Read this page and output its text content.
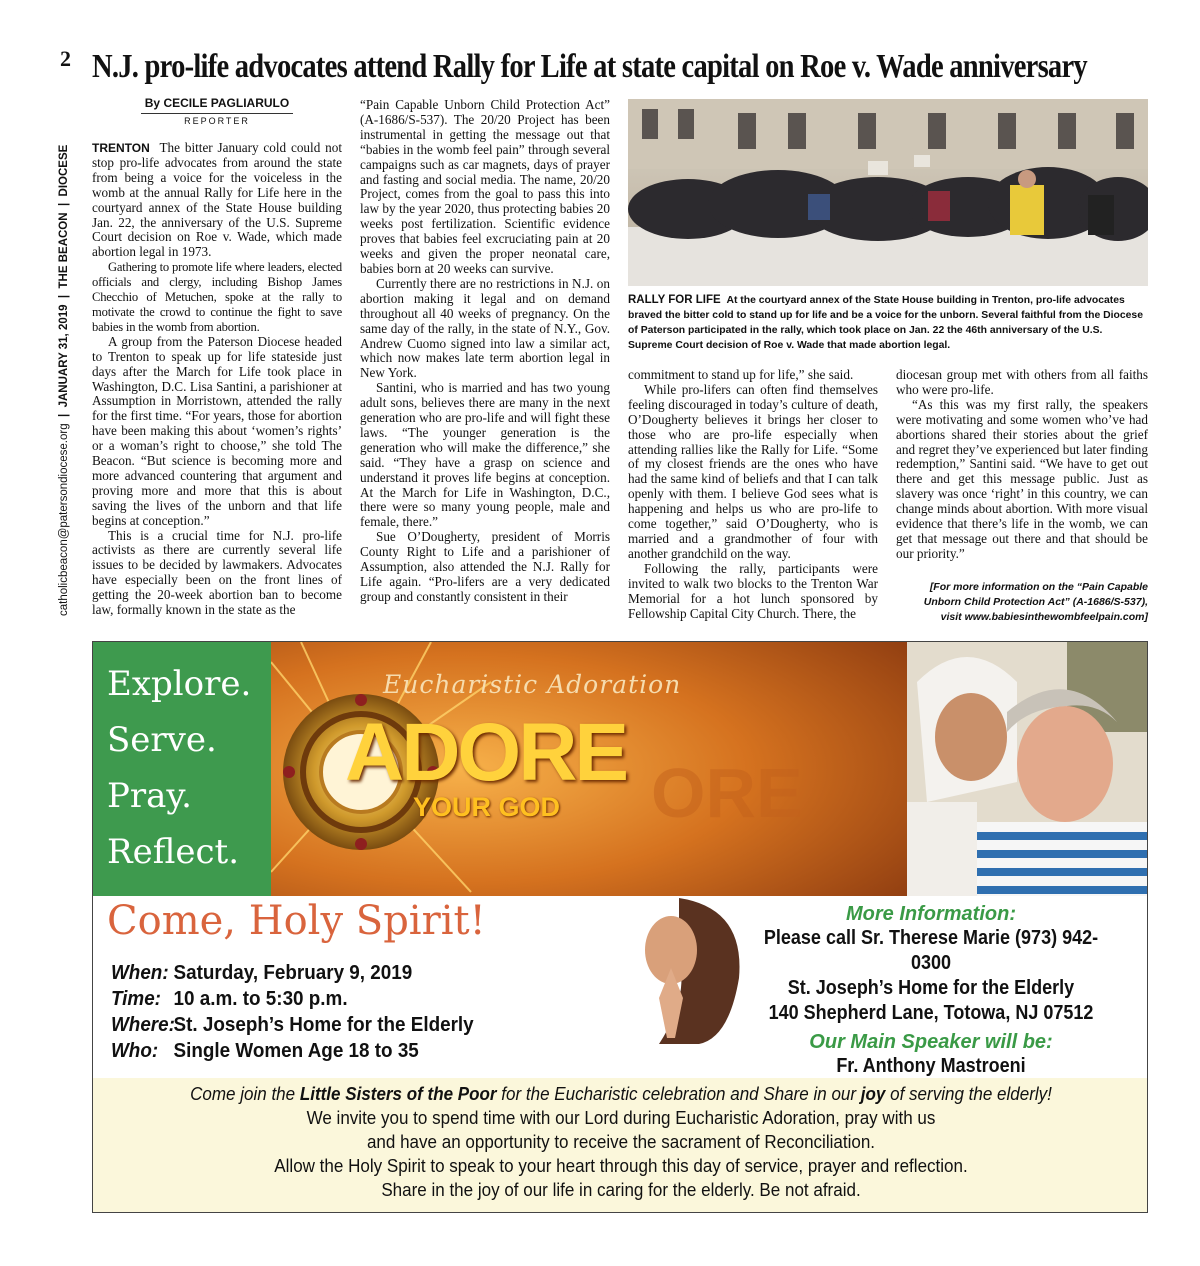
2
catholicbeacon@patersondiocese.org  |  JANUARY 31, 2019  |  THE BEACON  |  DIOCESE
N.J. pro-life advocates attend Rally for Life at state capital on Roe v. Wade anniversary
By CECILE PAGLIARULO
REPORTER

TRENTON The bitter January cold could not stop pro-life advocates from around the state from being a voice for the voiceless in the womb at the annual Rally for Life here in the courtyard annex of the State House building Jan. 22, the anniversary of the U.S. Supreme Court decision on Roe v. Wade, which made abortion legal in 1973.

Gathering to promote life where leaders, elected officials and clergy, including Bishop James Checchio of Metuchen, spoke at the rally to motivate the crowd to continue the fight to save babies in the womb from abortion.

A group from the Paterson Diocese headed to Trenton to speak up for life stateside just days after the March for Life took place in Washington, D.C. Lisa Santini, a parishioner at Assumption in Morristown, attended the rally for the first time. “For years, those for abortion have been making this about ‘women’s rights’ or a woman’s right to choose,” she told The Beacon. “But science is becoming more and more advanced countering that argument and proving more and more that this is about saving the lives of the unborn and that life begins at conception.”

This is a crucial time for N.J. pro-life activists as there are currently several life issues to be decided by lawmakers. Advocates have especially been on the front lines of getting the 20-week abortion ban to become law, formally known in the state as the

“Pain Capable Unborn Child Protection Act” (A-1686/S-537). The 20/20 Project has been instrumental in getting the message out that “babies in the womb feel pain” through several campaigns such as car magnets, days of prayer and fasting and social media. The name, 20/20 Project, comes from the goal to pass this into law by the year 2020, thus protecting babies 20 weeks post fertilization. Scientific evidence proves that babies feel excruciating pain at 20 weeks and given the proper neonatal care, babies born at 20 weeks can survive.

Currently there are no restrictions in N.J. on abortion making it legal and on demand throughout all 40 weeks of pregnancy. On the same day of the rally, in the state of N.Y., Gov. Andrew Cuomo signed into law a similar act, which now makes late term abortion legal in New York.

Santini, who is married and has two young adult sons, believes there are many in the next generation who are pro-life and will fight these laws. “The younger generation is the generation who will make the difference,” she said. “They have a grasp on science and understand it proves life begins at conception. At the March for Life in Washington, D.C., there were so many young people, male and female, there.”

Sue O’Dougherty, president of Morris County Right to Life and a parishioner of Assumption, also attended the N.J. Rally for Life again. “Pro-lifers are a very dedicated group and constantly consistent in their

RALLY FOR LIFE At the courtyard annex of the State House building in Trenton, pro-life advocates braved the bitter cold to stand up for life and be a voice for the unborn. Several faithful from the Diocese of Paterson participated in the rally, which took place on Jan. 22 the 46th anniversary of the U.S. Supreme Court decision of Roe v. Wade that made abortion legal.

commitment to stand up for life,” she said.

While pro-lifers can often find themselves feeling discouraged in today’s culture of death, O’Dougherty believes it brings her closer to those who are pro-life especially when attending rallies like the Rally for Life. “Some of my closest friends are the ones who have had the same kind of beliefs and that I can talk openly with them. I believe God sees what is happening and helps us who are pro-life to come together,” said O’Dougherty, who is married and a grandmother of four with another grandchild on the way.

Following the rally, participants were invited to walk two blocks to the Trenton War Memorial for a hot lunch sponsored by Fellowship Capital City Church. There, the

diocesan group met with others from all faiths who were pro-life.

“As this was my first rally, the speakers were motivating and some women who’ve had abortions shared their stories about the grief and regret they’ve experienced but later finding redemption,” Santini said. “We have to get out there and get this message public. Just as slavery was once ‘right’ in this country, we can change minds about abortion. With more visual evidence that there’s life in the womb, we can get that message out there and that should be our priority.”

[For more information on the “Pain Capable Unborn Child Protection Act” (A-1686/S-537), visit www.babiesinthewombfeelpain.com]
Explore.
Serve.
Pray.
Reflect.
ORE
Eucharistic Adoration
ADORE
YOUR GOD
Come, Holy Spirit!
When: Saturday, February 9, 2019
Time: 10 a.m. to 5:30 p.m.
Where:
St. Joseph’s Home for the Elderly
Who: Single Women Age 18 to 35
More Information:
Please call Sr. Therese Marie (973) 942-0300
St. Joseph’s Home for the Elderly
140 Shepherd Lane, Totowa, NJ 07512
Our Main Speaker will be:
Fr. Anthony Mastroeni
Come join the Little Sisters of the Poor for the Eucharistic celebration and Share in our joy of serving the elderly!
We invite you to spend time with our Lord during Eucharistic Adoration, pray with us
and have an opportunity to receive the sacrament of Reconciliation.
Allow the Holy Spirit to speak to your heart through this day of service, prayer and reflection.
Share in the joy of our life in caring for the elderly. Be not afraid.
